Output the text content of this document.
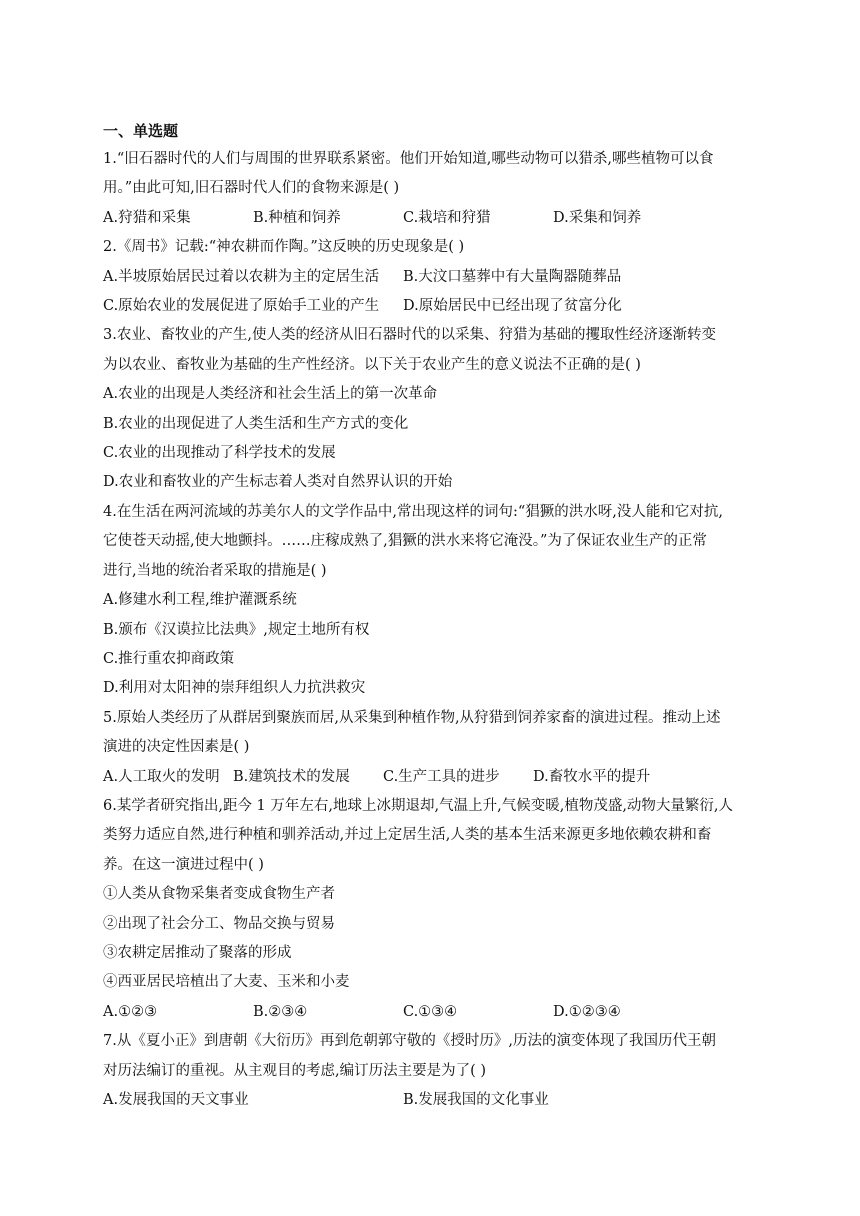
一、单选题
1.“旧石器时代的人们与周围的世界联系紧密。他们开始知道,哪些动物可以猎杀,哪些植物可以食
用。”由此可知,旧石器时代人们的食物来源是( )
A.狩猎和采集	B.种植和饲养	C.栽培和狩猎	D.采集和饲养
2.《周书》记载:“神农耕而作陶。”这反映的历史现象是( )
A.半坡原始居民过着以农耕为主的定居生活	B.大汶口墓葬中有大量陶器随葬品
C.原始农业的发展促进了原始手工业的产生	D.原始居民中已经出现了贫富分化
3.农业、畜牧业的产生,使人类的经济从旧石器时代的以采集、狩猎为基础的攫取性经济逐渐转变
为以农业、畜牧业为基础的生产性经济。以下关于农业产生的意义说法不正确的是( )
A.农业的出现是人类经济和社会生活上的第一次革命
B.农业的出现促进了人类生活和生产方式的变化
C.农业的出现推动了科学技术的发展
D.农业和畜牧业的产生标志着人类对自然界认识的开始
4.在生活在两河流域的苏美尔人的文学作品中,常出现这样的词句:“猖獗的洪水呀,没人能和它对抗,
它使苍天动摇,使大地颤抖。……庄稼成熟了,猖獗的洪水来将它淹没。”为了保证农业生产的正常
进行,当地的统治者采取的措施是( )
A.修建水利工程,维护灌溉系统
B.颁布《汉谟拉比法典》,规定土地所有权
C.推行重农抑商政策
D.利用对太阳神的崇拜组织人力抗洪救灾
5.原始人类经历了从群居到聚族而居,从采集到种植作物,从狩猎到饲养家畜的演进过程。推动上述
演进的决定性因素是( )
A.人工取火的发明 B.建筑技术的发展	C.生产工具的进步	D.畜牧水平的提升
6.某学者研究指出,距今 1 万年左右,地球上冰期退却,气温上升,气候变暖,植物茂盛,动物大量繁衍,人
类努力适应自然,进行种植和驯养活动,并过上定居生活,人类的基本生活来源更多地依赖农耕和畜
养。在这一演进过程中( )
①人类从食物采集者变成食物生产者
②出现了社会分工、物品交换与贸易
③农耕定居推动了聚落的形成
④西亚居民培植出了大麦、玉米和小麦
A.①②③	B.②③④	C.①③④	D.①②③④
7.从《夏小正》到唐朝《大衍历》再到危朝郭守敬的《授时历》,历法的演变体现了我国历代王朝
对历法编订的重视。从主观目的考虑,编订历法主要是为了( )
A.发展我国的天文事业	B.发展我国的文化事业
